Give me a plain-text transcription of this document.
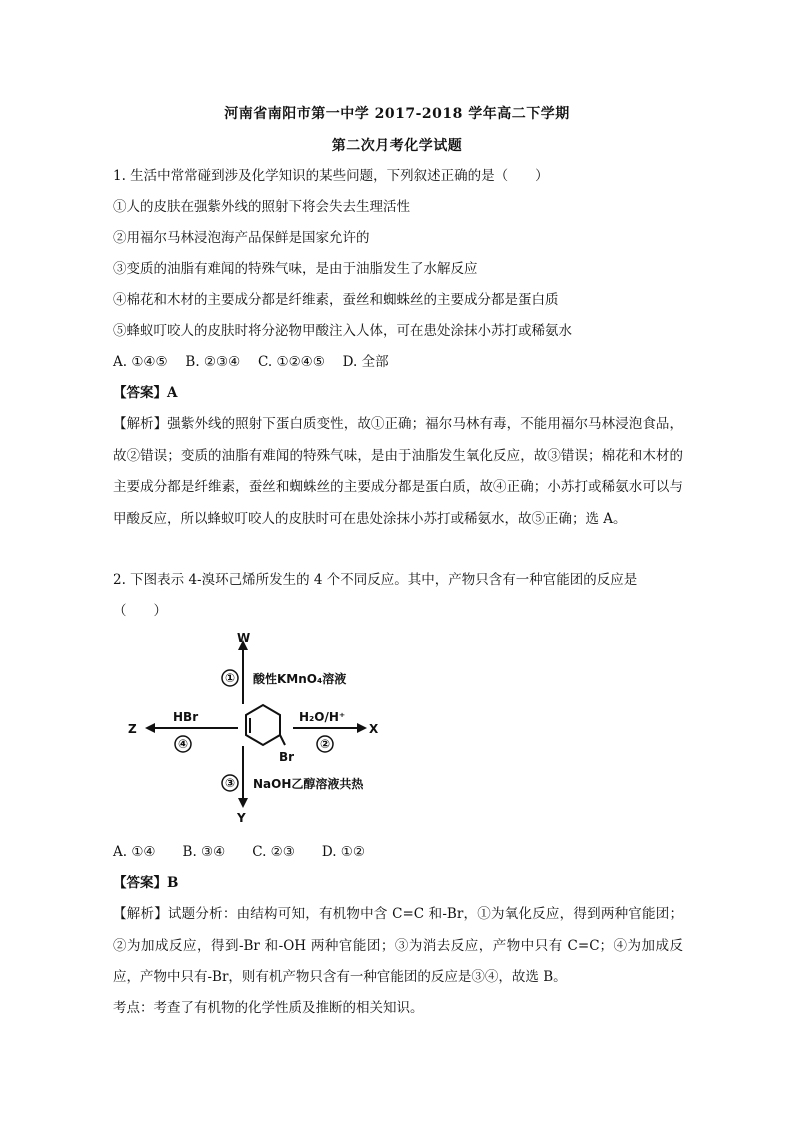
河南省南阳市第一中学 2017-2018 学年高二下学期
第二次月考化学试题
1. 生活中常常碰到涉及化学知识的某些问题，下列叙述正确的是（　　）
①人的皮肤在强紫外线的照射下将会失去生理活性
②用福尔马林浸泡海产品保鲜是国家允许的
③变质的油脂有难闻的特殊气味，是由于油脂发生了水解反应
④棉花和木材的主要成分都是纤维素，蚕丝和蜘蛛丝的主要成分都是蛋白质
⑤蜂蚁叮咬人的皮肤时将分泌物甲酸注入人体，可在患处涂抹小苏打或稀氨水
A. ①④⑤　 B. ②③④　 C. ①②④⑤　 D. 全部
【答案】A
【解析】强紫外线的照射下蛋白质变性，故①正确；福尔马林有毒，不能用福尔马林浸泡食品，故②错误；变质的油脂有难闻的特殊气味，是由于油脂发生氧化反应，故③错误；棉花和木材的主要成分都是纤维素，蚕丝和蜘蛛丝的主要成分都是蛋白质，故④正确；小苏打或稀氨水可以与甲酸反应，所以蜂蚁叮咬人的皮肤时可在患处涂抹小苏打或稀氨水，故⑤正确；选 A。
2. 下图表示 4-溴环己烯所发生的 4 个不同反应。其中，产物只含有一种官能团的反应是
（　　）
Br
W
① 酸性KMnO₄溶液
X
H₂O/H⁺
②
Y
③ NaOH乙醇溶液共热
Z
HBr
④
A. ①④　　B. ③④　　C. ②③　　D. ①②
【答案】B
【解析】试题分析：由结构可知，有机物中含 C=C 和-Br，①为氧化反应，得到两种官能团；②为加成反应，得到-Br 和-OH 两种官能团；③为消去反应，产物中只有 C=C；④为加成反应，产物中只有-Br，则有机产物只含有一种官能团的反应是③④，故选 B。
考点：考查了有机物的化学性质及推断的相关知识。
